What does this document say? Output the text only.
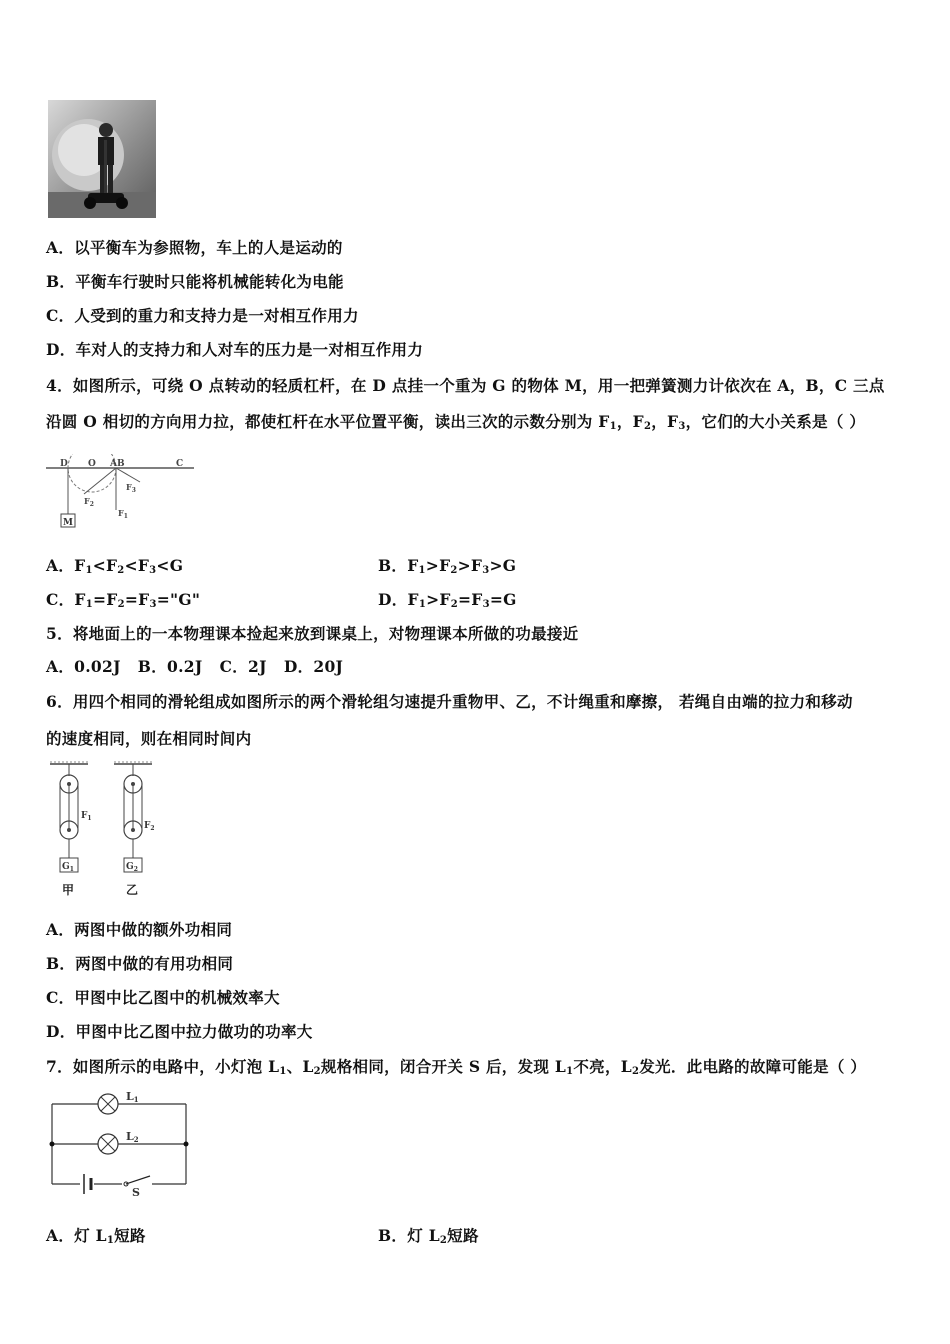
A．以平衡车为参照物，车上的人是运动的
B．平衡车行驶时只能将机械能转化为电能
C．人受到的重力和支持力是一对相互作用力
D．车对人的支持力和人对车的压力是一对相互作用力
4．如图所示，可绕 O 点转动的轻质杠杆，在 D 点挂一个重为 G 的物体 M，用一把弹簧测力计依次在 A，B，C 三点
沿圆 O 相切的方向用力拉，都使杠杆在水平位置平衡，读出三次的示数分别为 $F_1$，$F_2$，$F_3$，它们的大小关系是（ ）
M
D O AB	C
$F_1$
$F_2$
$F_3$
A．$F_1<F_2<F_3<G$	B．$F_1>F_2>F_3>G$
C．$F_1=F_2=F_3="G$"	D．$F_1>F_2=F_3=G$
5．将地面上的一本物理课本捡起来放到课桌上，对物理课本所做的功最接近
A．0.02J   B．0.2J   C．2J   D．20J
6．用四个相同的滑轮组成如图所示的两个滑轮组匀速提升重物甲、乙，不计绳重和摩擦， 若绳自由端的拉力和移动
的速度相同，则在相同时间内
$G_1$
$F_1$
甲
$G_2$
$F_2$
乙
A．两图中做的额外功相同
B．两图中做的有用功相同
C．甲图中比乙图中的机械效率大
D．甲图中比乙图中拉力做功的功率大
7．如图所示的电路中，小灯泡 $L_1$、$L_2$规格相同，闭合开关 S 后，发现 $L_1$不亮，$L_2$发光．此电路的故障可能是（ ）
L1
L2
S
A．灯 $L_1$短路	B．灯 $L_2$短路
